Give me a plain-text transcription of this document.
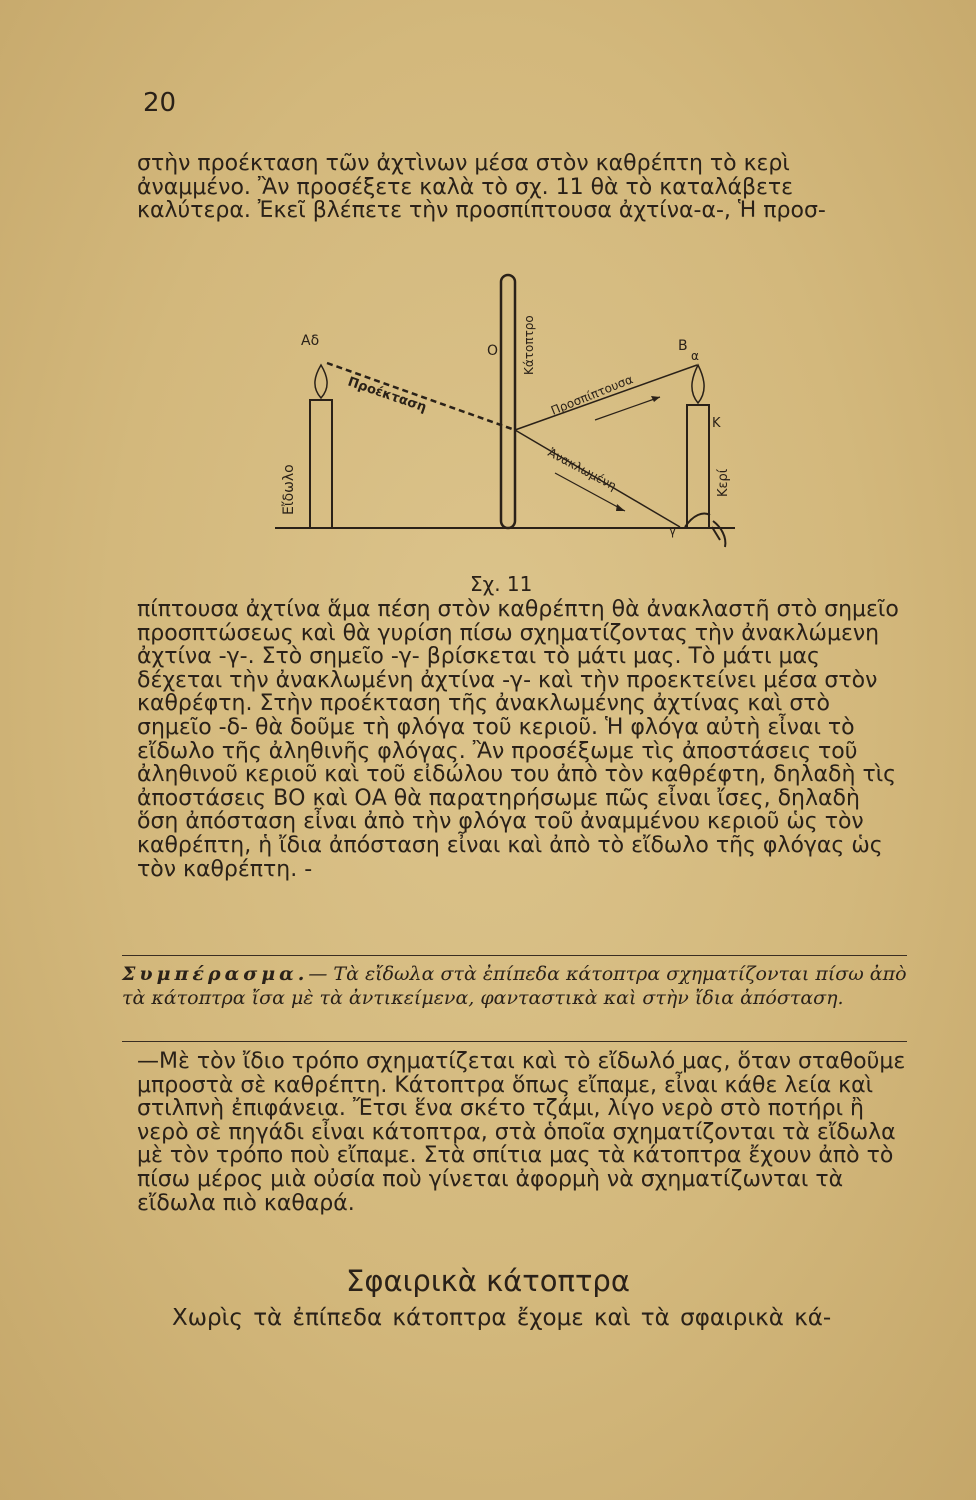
20

στὴν προέκταση τῶν ἀχτὶνων μέσα στὸν καθρέπτη τὸ κερὶ ἀναμμένο. Ἂν προσέξετε καλὰ τὸ σχ. 11 θὰ τὸ καταλάβετε καλύτερα. Ἐκεῖ βλέπετε τὴν προσπίπτουσα ἀχτίνα-α-, Ἡ προσ-

Κάτοπτρο
Ο
Αδ
Εἴδωλο
Β
α
Κ
Κερί
Προέκταση	Προσπίπτουσα
Ἀνακλωμένη
γ
Σχ. 11

πίπτουσα ἀχτίνα ἅμα πέση στὸν καθρέπτη θὰ ἀνακλαστῆ στὸ σημεῖο προσπτώσεως καὶ θὰ γυρίση πίσω σχηματίζοντας τὴν ἀνακλώμενη ἀχτίνα -γ-. Στὸ σημεῖο -γ- βρίσκεται τὸ μάτι μας. Τὸ μάτι μας δέχεται τὴν ἀνακλωμένη ἀχτίνα -γ- καὶ τὴν προεκτείνει μέσα στὸν καθρέφτη. Στὴν προέκταση τῆς ἀνακλωμένης ἀχτίνας καὶ στὸ σημεῖο -δ- θὰ δοῦμε τὴ φλόγα τοῦ κεριοῦ. Ἡ φλόγα αὐτὴ εἶναι τὸ εἴδωλο τῆς ἀληθινῆς φλόγας. Ἂν προσέξωμε τὶς ἀποστάσεις τοῦ ἀληθινοῦ κεριοῦ καὶ τοῦ εἰδώλου του ἀπὸ τὸν καθρέφτη, δηλαδὴ τὶς ἀποστάσεις ΒΟ καὶ ΟΑ θὰ παρατηρήσωμε πῶς εἶναι ἴσες, δηλαδὴ ὅση ἀπόσταση εἶναι ἀπὸ τὴν φλόγα τοῦ ἀναμμένου κεριοῦ ὡς τὸν καθρέπτη, ἡ ἴδια ἀπόσταση εἶναι καὶ ἀπὸ τὸ εἴδωλο τῆς φλόγας ὡς τὸν καθρέπτη. -

Συμπέρασμα.— Τὰ εἴδωλα στὰ ἐπίπεδα κάτοπτρα σχηματίζονται πίσω ἀπὸ τὰ κάτοπτρα ἴσα μὲ τὰ ἀντικείμενα, φανταστικὰ καὶ στὴν ἴδια ἀπόσταση.

—Μὲ τὸν ἴδιο τρόπο σχηματίζεται καὶ τὸ εἴδωλό μας, ὅταν σταθοῦμε μπροστὰ σὲ καθρέπτη. Κάτοπτρα ὅπως εἴπαμε, εἶναι κάθε λεία καὶ στιλπνὴ ἐπιφάνεια. Ἔτσι ἕνα σκέτο τζάμι, λίγο νερὸ στὸ ποτήρι ἢ νερὸ σὲ πηγάδι εἶναι κάτοπτρα, στὰ ὁποῖα σχηματίζονται τὰ εἴδωλα μὲ τὸν τρόπο ποὺ εἴπαμε. Στὰ σπίτια μας τὰ κάτοπτρα ἔχουν ἀπὸ τὸ πίσω μέρος μιὰ οὐσία ποὺ γίνεται ἀφορμὴ νὰ σχηματίζωνται τὰ εἴδωλα πιὸ καθαρά.

Σφαιρικὰ κάτοπτρα
Χωρὶς τὰ ἐπίπεδα κάτοπτρα ἔχομε καὶ τὰ σφαιρικὰ κά-
